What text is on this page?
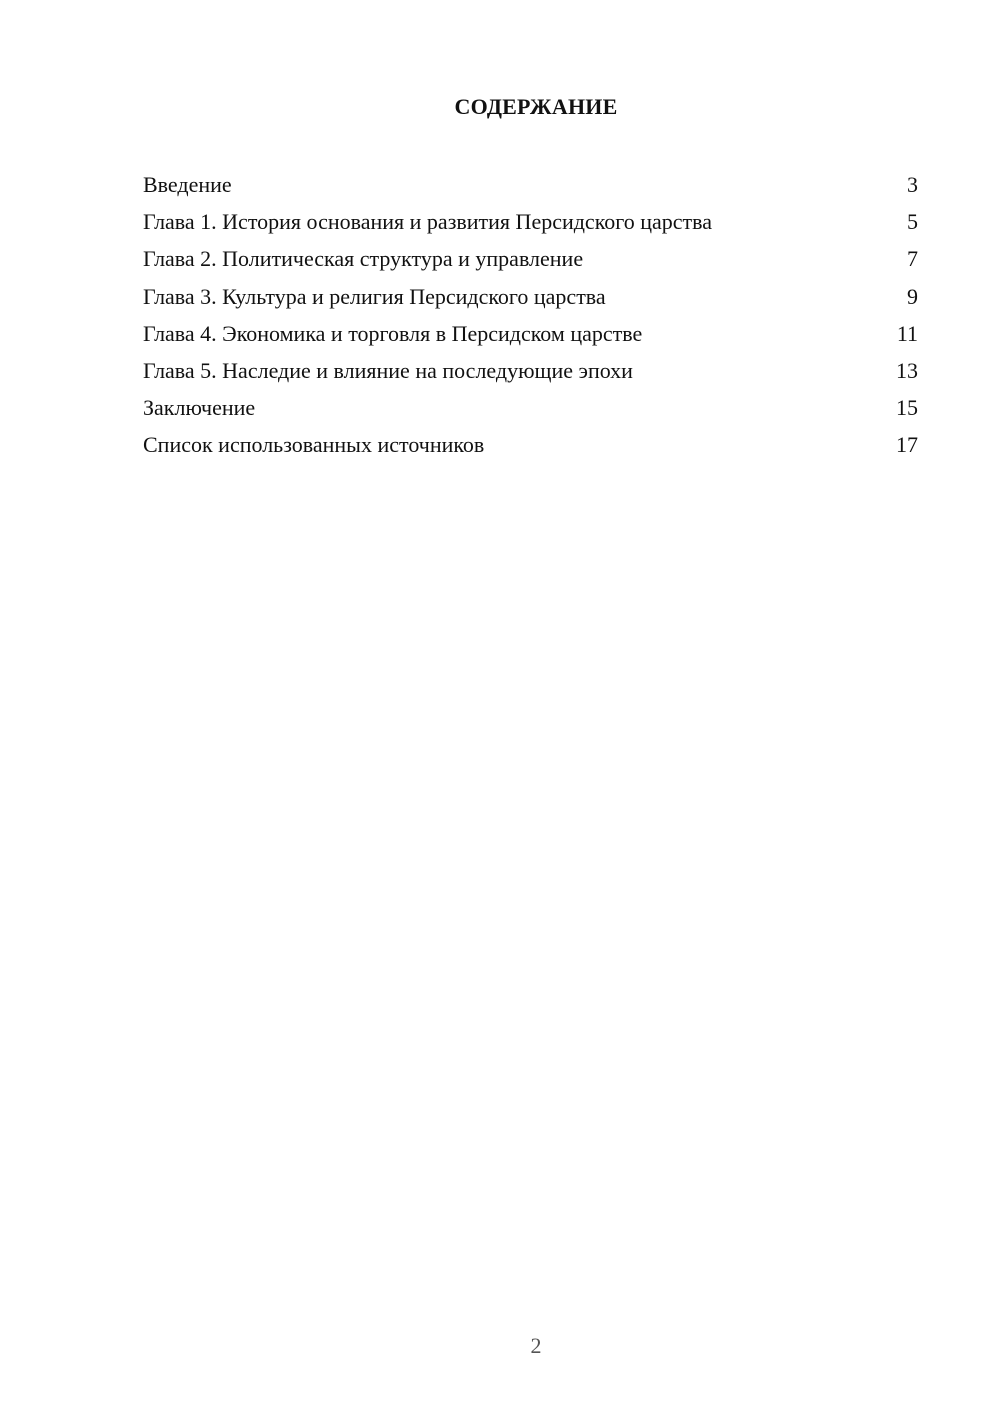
СОДЕРЖАНИЕ
Введение	3
Глава 1. История основания и развития Персидского царства	5
Глава 2. Политическая структура и управление	7
Глава 3. Культура и религия Персидского царства	9
Глава 4. Экономика и торговля в Персидском царстве	11
Глава 5. Наследие и влияние на последующие эпохи	13
Заключение	15
Список использованных источников	17
2
